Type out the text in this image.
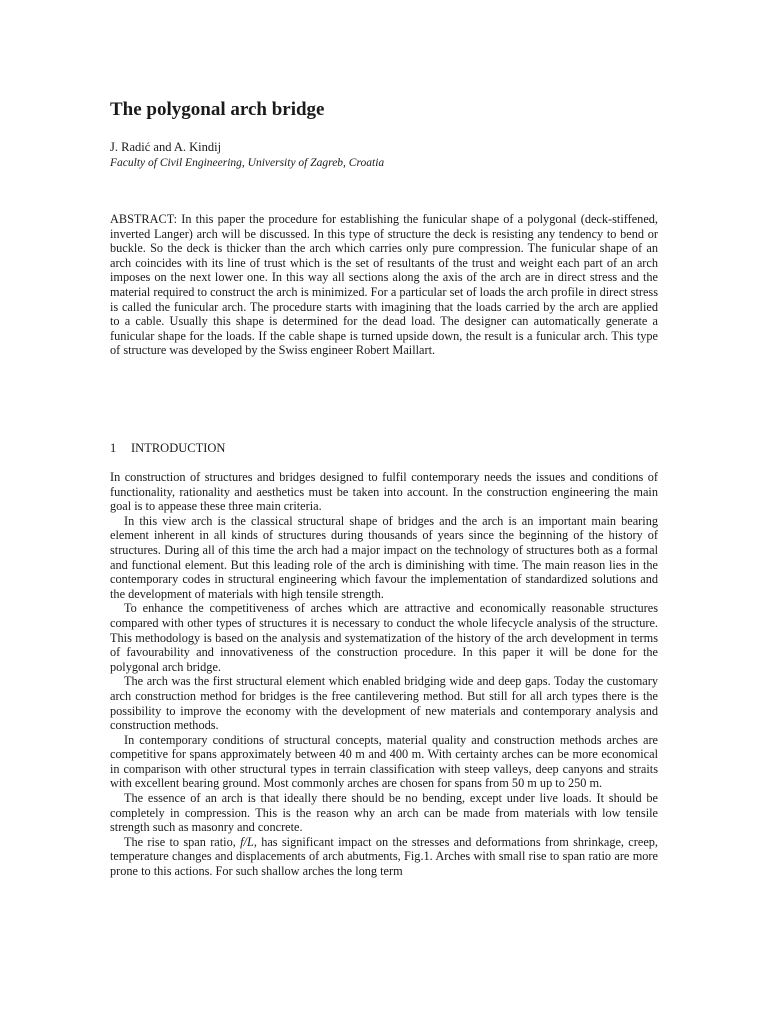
The polygonal arch bridge

J. Radić and A. Kindij

Faculty of Civil Engineering, University of Zagreb, Croatia

ABSTRACT: In this paper the procedure for establishing the funicular shape of a polygonal (deck-stiffened, inverted Langer) arch will be discussed. In this type of structure the deck is resisting any tendency to bend or buckle. So the deck is thicker than the arch which carries only pure compression. The funicular shape of an arch coincides with its line of trust which is the set of resultants of the trust and weight each part of an arch imposes on the next lower one. In this way all sections along the axis of the arch are in direct stress and the material required to construct the arch is minimized. For a particular set of loads the arch profile in direct stress is called the funicular arch. The procedure starts with imagining that the loads carried by the arch are applied to a cable. Usually this shape is determined for the dead load. The designer can automatically generate a funicular shape for the loads. If the cable shape is turned upside down, the result is a funicular arch. This type of structure was developed by the Swiss engineer Robert Maillart.

1 INTRODUCTION

In construction of structures and bridges designed to fulfil contemporary needs the issues and conditions of functionality, rationality and aesthetics must be taken into account. In the construction engineering the main goal is to appease these three main criteria.

In this view arch is the classical structural shape of bridges and the arch is an important main bearing element inherent in all kinds of structures during thousands of years since the beginning of the history of structures. During all of this time the arch had a major impact on the technology of structures both as a formal and functional element. But this leading role of the arch is diminishing with time. The main reason lies in the contemporary codes in structural engineering which favour the implementation of standardized solutions and the development of materials with high tensile strength.

To enhance the competitiveness of arches which are attractive and economically reasonable structures compared with other types of structures it is necessary to conduct the whole lifecycle analysis of the structure. This methodology is based on the analysis and systematization of the history of the arch development in terms of favourability and innovativeness of the construction procedure. In this paper it will be done for the polygonal arch bridge.

The arch was the first structural element which enabled bridging wide and deep gaps. Today the customary arch construction method for bridges is the free cantilevering method. But still for all arch types there is the possibility to improve the economy with the development of new materials and contemporary analysis and construction methods.

In contemporary conditions of structural concepts, material quality and construction methods arches are competitive for spans approximately between 40 m and 400 m. With certainty arches can be more economical in comparison with other structural types in terrain classification with steep valleys, deep canyons and straits with excellent bearing ground. Most commonly arches are chosen for spans from 50 m up to 250 m.

The essence of an arch is that ideally there should be no bending, except under live loads. It should be completely in compression. This is the reason why an arch can be made from materials with low tensile strength such as masonry and concrete.

The rise to span ratio, f/L, has significant impact on the stresses and deformations from shrinkage, creep, temperature changes and displacements of arch abutments, Fig.1. Arches with small rise to span ratio are more prone to this actions. For such shallow arches the long term
